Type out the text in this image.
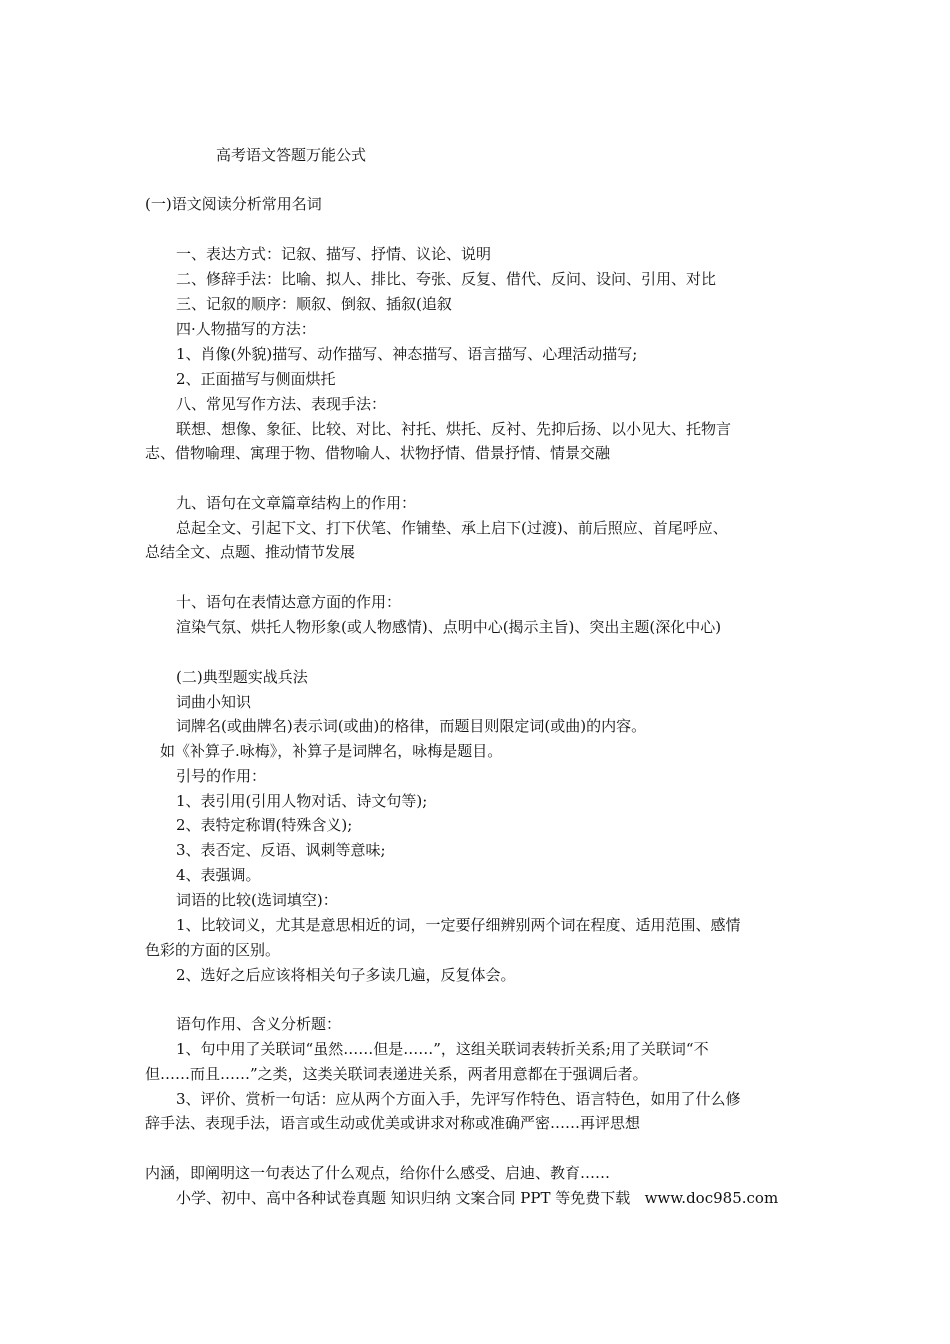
高考语文答题万能公式
(一)语文阅读分析常用名词
一、表达方式：记叙、描写、抒情、议论、说明
二、修辞手法：比喻、拟人、排比、夸张、反复、借代、反问、设问、引用、对比
三、记叙的顺序：顺叙、倒叙、插叙(追叙
四·人物描写的方法：
1、肖像(外貌)描写、动作描写、神态描写、语言描写、心理活动描写;
2、正面描写与侧面烘托
八、常见写作方法、表现手法：
联想、想像、象征、比较、对比、衬托、烘托、反衬、先抑后扬、以小见大、托物言
志、借物喻理、寓理于物、借物喻人、状物抒情、借景抒情、情景交融
九、语句在文章篇章结构上的作用：
总起全文、引起下文、打下伏笔、作铺垫、承上启下(过渡)、前后照应、首尾呼应、
总结全文、点题、推动情节发展
十、语句在表情达意方面的作用：
渲染气氛、烘托人物形象(或人物感情)、点明中心(揭示主旨)、突出主题(深化中心)
(二)典型题实战兵法
词曲小知识
词牌名(或曲牌名)表示词(或曲)的格律，而题目则限定词(或曲)的内容。
如《补算子.咏梅》，补算子是词牌名，咏梅是题目。
引号的作用：
1、表引用(引用人物对话、诗文句等);
2、表特定称谓(特殊含义);
3、表否定、反语、讽刺等意味;
4、表强调。
词语的比较(选词填空)：
1、比较词义，尤其是意思相近的词，一定要仔细辨别两个词在程度、适用范围、感情
色彩的方面的区别。
2、选好之后应该将相关句子多读几遍，反复体会。
语句作用、含义分析题：
1、句中用了关联词“虽然……但是……”，这组关联词表转折关系;用了关联词“不
但……而且……”之类，这类关联词表递进关系，两者用意都在于强调后者。
3、评价、赏析一句话：应从两个方面入手，先评写作特色、语言特色，如用了什么修
辞手法、表现手法，语言或生动或优美或讲求对称或准确严密……再评思想
内涵，即阐明这一句表达了什么观点，给你什么感受、启迪、教育……
小学、初中、高中各种试卷真题 知识归纳 文案合同 PPT 等免费下载   www.doc985.com
